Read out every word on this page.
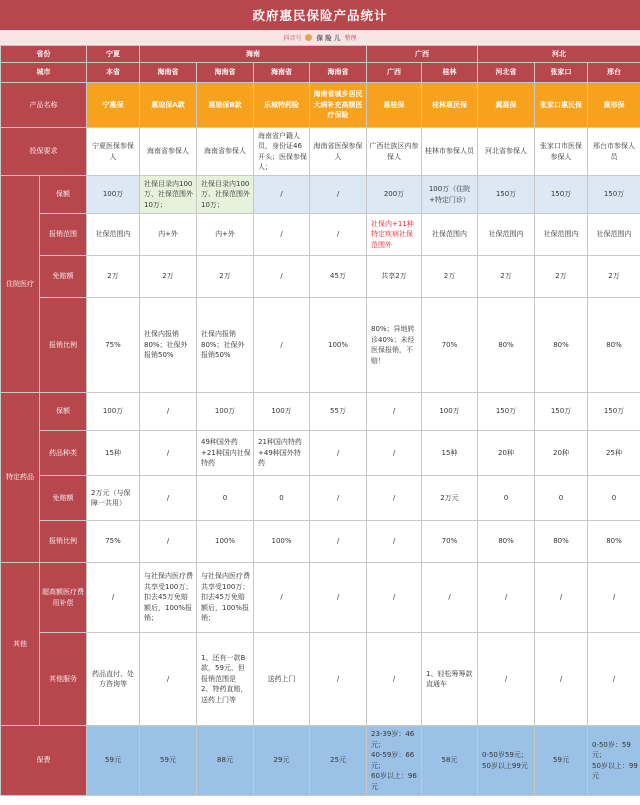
政府惠民保险产品统计
抖音号 保 险 儿 整理
省份		宁夏	海南				广西		河北		
城市		本省	海南省	海南省	海南省	海南省	广西	桂林	河北省	张家口	邢台
产品名称		宁惠保	惠琼保A款	惠琼保B款	乐城特药险	海南省城乡居民大病补充高额医疗保险	惠桂保	桂林惠民保	冀惠保	张家口惠民保	惠邢保
投保要求		宁夏医保参保人	海南省参保人	海南省参保人	海南省户籍人员，身份证46开头；医保参保人；	海南省医保参保人	广西壮族区内参保人	桂林市参保人员	河北省参保人	张家口市医保参保人	邢台市参保人员
住院医疗	保额	100万	社保目录内100万、社保范围外10万；	社保目录内100万、社保范围外10万；	/	/	200万	100万（住院+特定门诊）	150万	150万	150万
	报销范围	社保范围内	内+外	内+外	/	/	社保内+11种特定疾病社保范围外	社保范围内	社保范围内	社保范围内	社保范围内
	免赔额	2万	2万	2万	/	45万	共享2万	2万	2万	2万	2万
	报销比例	75%	社保内报销80%；社保外报销50%	社保内报销80%；社保外报销50%	/	100%	80%；异地转诊40%；未经医保报销，不赔！	70%	80%	80%	80%
特定药品	保额	100万	/	100万	100万	55万	/	100万	150万	150万	150万
	药品种类	15种	/	49种国外药+21种国内社保特药	21种国内特药+49种国外特药	/	/	15种	20种	20种	25种
	免赔额	2万元（与保障一共用）	/	0	0	/	/	2万元	0	0	0
	报销比例	75%	/	100%	100%	/	/	70%	80%	80%	80%
其他	超高额医疗费用补偿	/	与社保内医疗费共享受100万；扣去45万免赔额后，100%报销；	与社保内医疗费共享受100万；扣去45万免赔额后，100%报销；	/	/	/	/	/	/	/
	其他服务	药品直付、处方咨询等	/	1、还有一款B款，59元，但报销范围是
2、特药直赔，送药上门等	送药上门	/	/	1、轻松筹筹款直通车	/	/	/
保费		59元	59元	88元	29元	25元	23-39岁：46元；
40-59岁：66元；
60岁以上：96元	58元	0-50岁59元；
50岁以上99元	59元	0-50岁：59元；
50岁以上：99元
